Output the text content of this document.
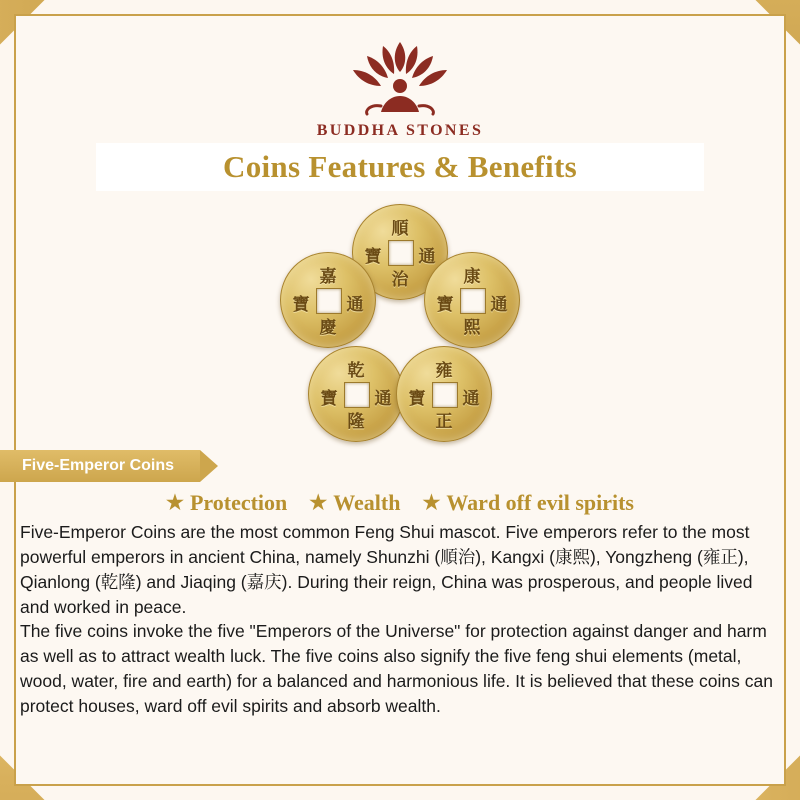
BUDDHA STONES
Coins Features & Benefits
順
通
治
寶
嘉
通
慶
寶
康
通
熙
寶
乾
通
隆
寶
雍
通
正
寶
Five-Emperor Coins
★ Protection ★ Wealth ★ Ward off evil spirits

Five-Emperor Coins are the most common Feng Shui mascot. Five emperors refer to the most powerful emperors in ancient China, namely Shunzhi (順治), Kangxi (康熙), Yongzheng (雍正), Qianlong (乾隆) and Jiaqing (嘉庆). During their reign, China was prosperous, and people lived and worked in peace.

The five coins invoke the five "Emperors of the Universe" for protection against danger and harm as well as to attract wealth luck. The five coins also signify the five feng shui elements (metal, wood, water, fire and earth) for a balanced and harmonious life. It is believed that these coins can protect houses, ward off evil spirits and absorb wealth.
